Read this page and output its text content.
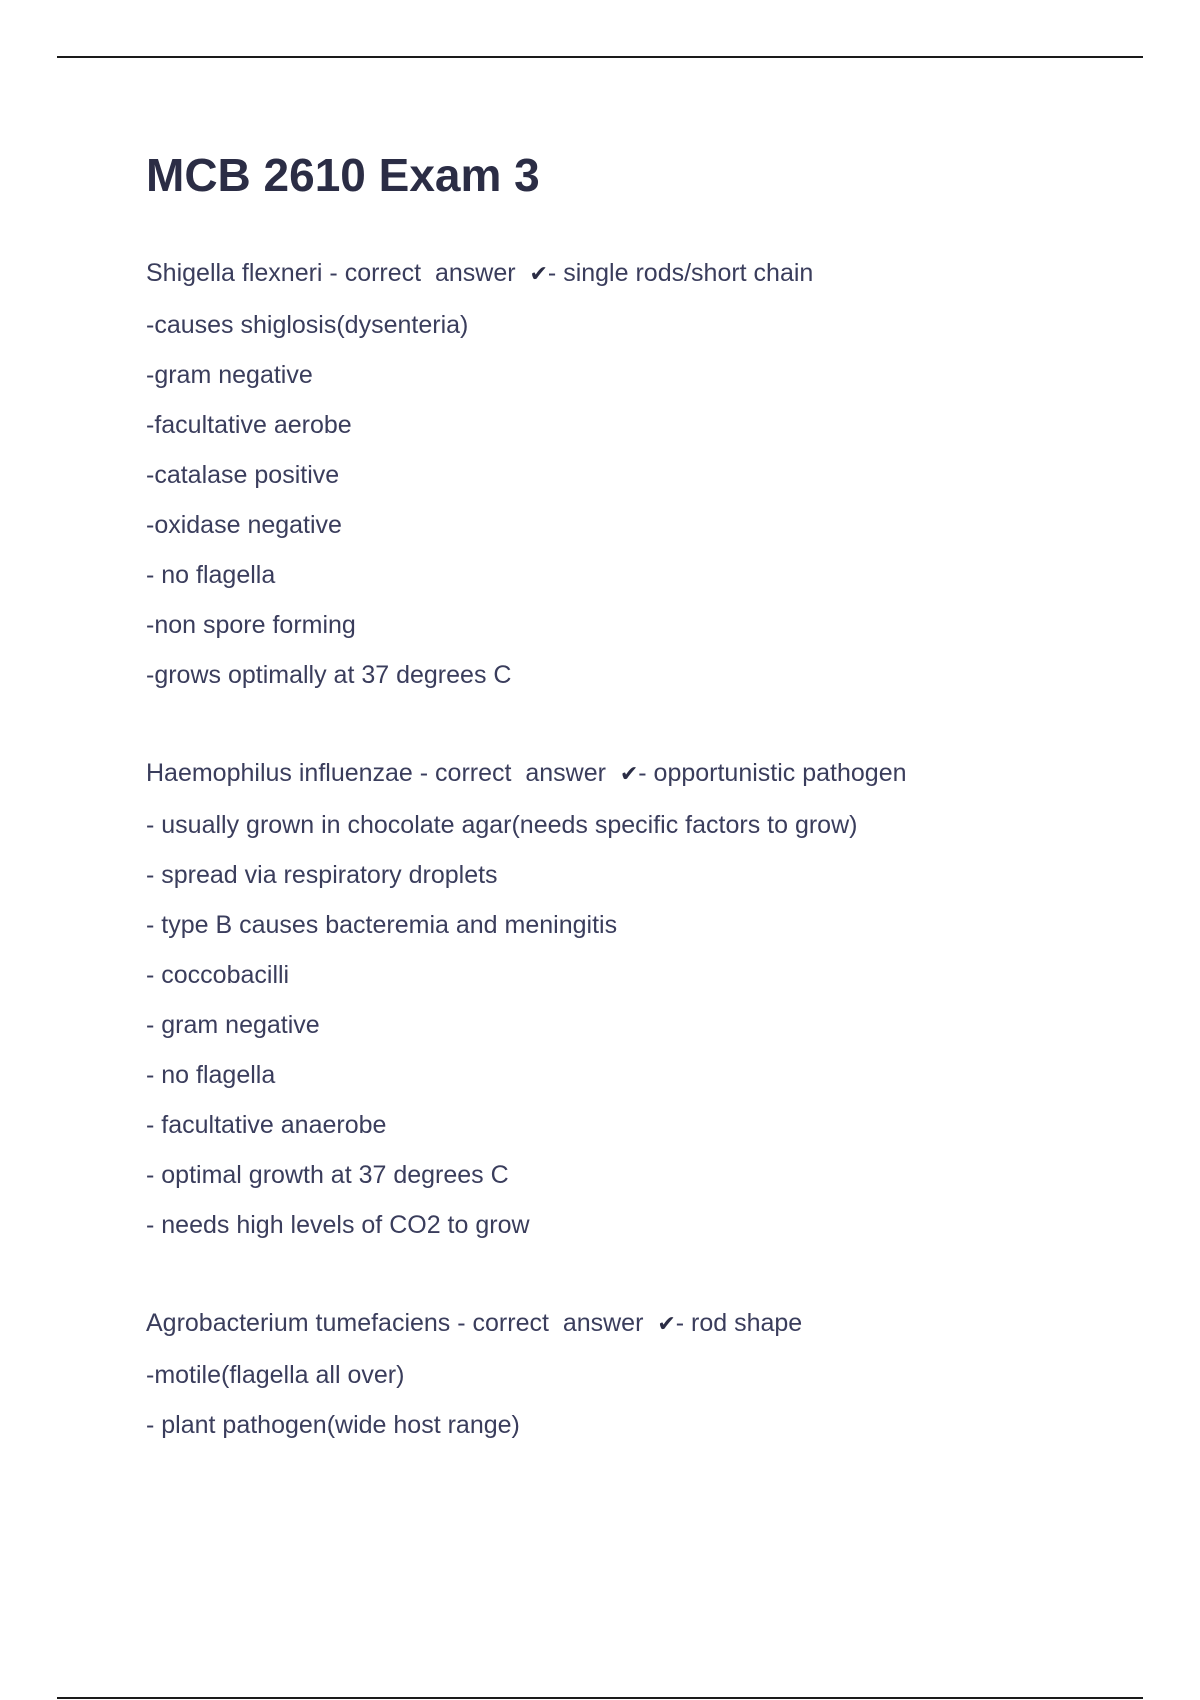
MCB 2610 Exam 3
Shigella flexneri - correct  answer  ✔- single rods/short chain
-causes shiglosis(dysenteria)
-gram negative
-facultative aerobe
-catalase positive
-oxidase negative
- no flagella
-non spore forming
-grows optimally at 37 degrees C
Haemophilus influenzae - correct  answer  ✔- opportunistic pathogen
- usually grown in chocolate agar(needs specific factors to grow)
- spread via respiratory droplets
- type B causes bacteremia and meningitis
- coccobacilli
- gram negative
- no flagella
- facultative anaerobe
- optimal growth at 37 degrees C
- needs high levels of CO2 to grow
Agrobacterium tumefaciens - correct  answer  ✔- rod shape
-motile(flagella all over)
- plant pathogen(wide host range)
